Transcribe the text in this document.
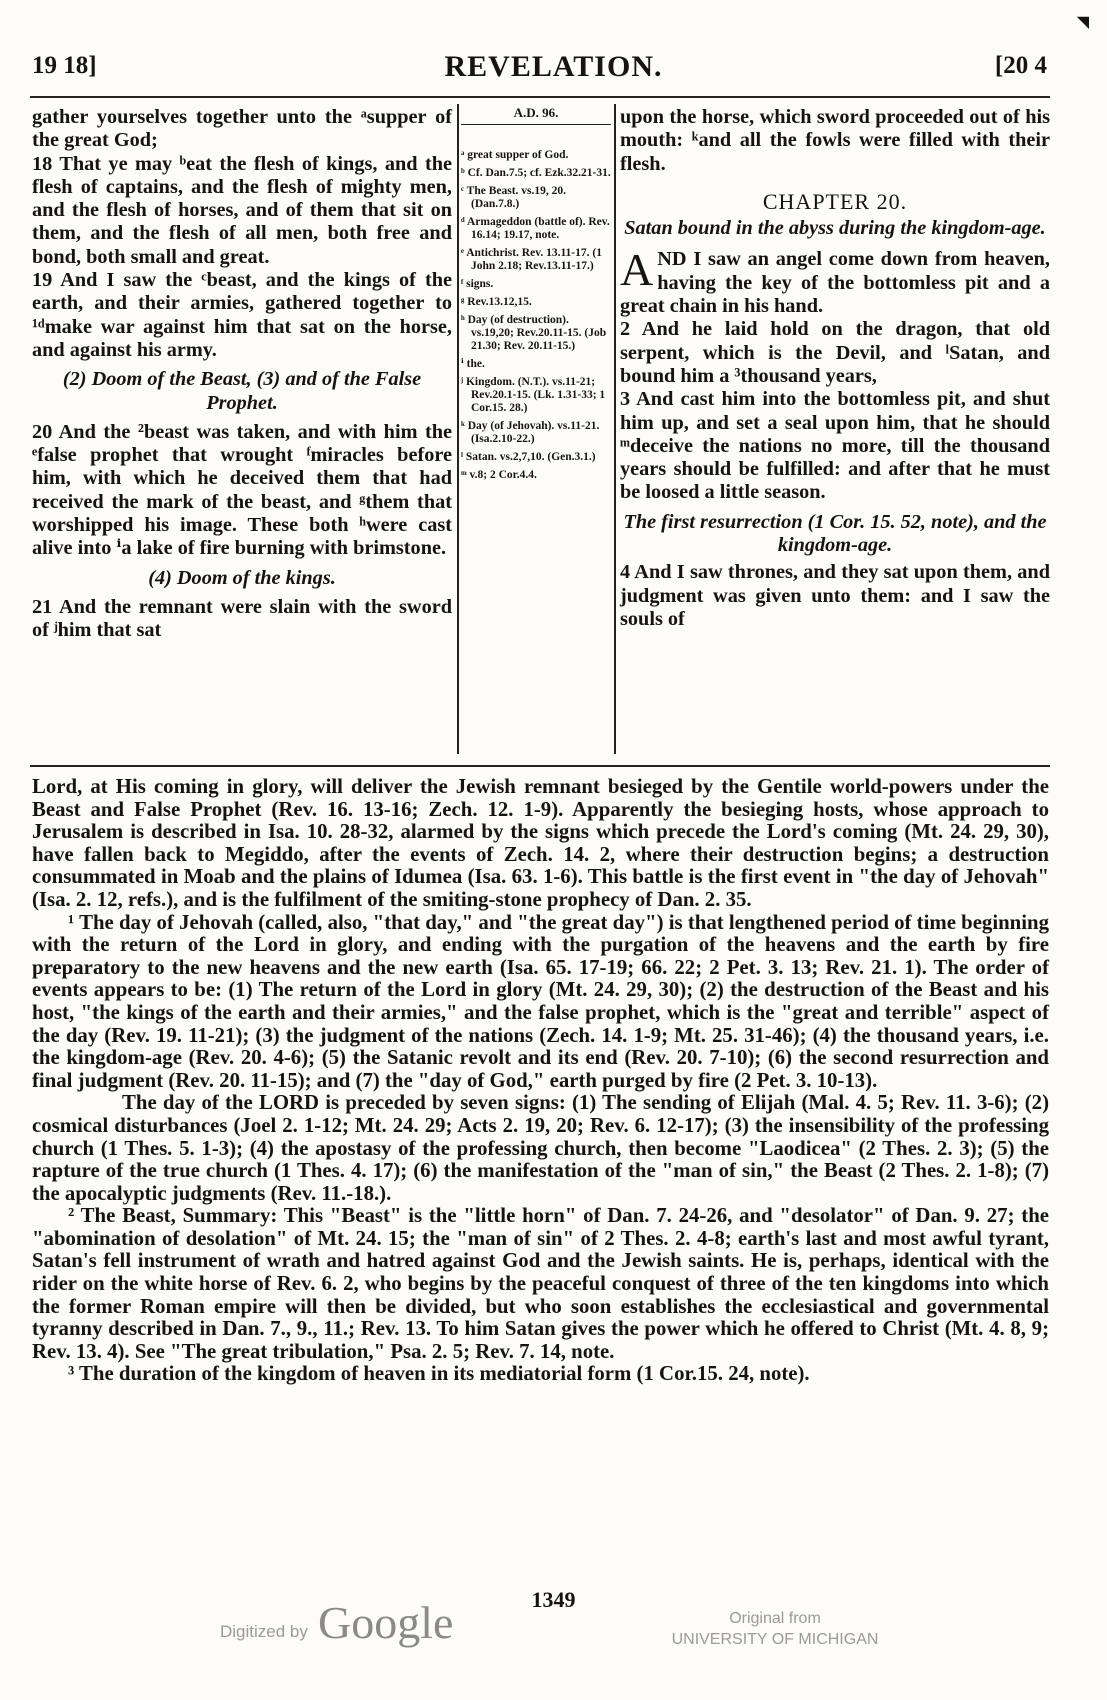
◥
19 18]	REVELATION.	[20 4

gather yourselves together unto the ᵃsupper of the great God;

18 That ye may ᵇeat the flesh of kings, and the flesh of captains, and the flesh of mighty men, and the flesh of horses, and of them that sit on them, and the flesh of all men, both free and bond, both small and great.

19 And I saw the ᶜbeast, and the kings of the earth, and their armies, gathered together to ¹ᵈmake war against him that sat on the horse, and against his army.

(2) Doom of the Beast, (3) and of the False Prophet.

20 And the ²beast was taken, and with him the ᵉfalse prophet that wrought ᶠmiracles before him, with which he deceived them that had received the mark of the beast, and ᵍthem that worshipped his image. These both ʰwere cast alive into ⁱa lake of fire burning with brimstone.

(4) Doom of the kings.

21 And the remnant were slain with the sword of ʲhim that sat

A.D. 96.

ᵃ great supper of God.

ᵇ Cf. Dan.7.5; cf. Ezk.32.21-31.

ᶜ The Beast. vs.19, 20. (Dan.7.8.)

ᵈ Armageddon (battle of). Rev. 16.14; 19.17, note.

ᵉ Antichrist. Rev. 13.11-17. (1 John 2.18; Rev.13.11-17.)

ᶠ signs.

ᵍ Rev.13.12,15.

ʰ Day (of destruction). vs.19,20; Rev.20.11-15. (Job 21.30; Rev. 20.11-15.)

ⁱ the.

ʲ Kingdom. (N.T.). vs.11-21; Rev.20.1-15. (Lk. 1.31-33; 1 Cor.15. 28.)

ᵏ Day (of Jehovah). vs.11-21. (Isa.2.10-22.)

ˡ Satan. vs.2,7,10. (Gen.3.1.)

ᵐ v.8; 2 Cor.4.4.

upon the horse, which sword proceeded out of his mouth: ᵏand all the fowls were filled with their flesh.

CHAPTER 20.

Satan bound in the abyss during the kingdom-age.

AND I saw an angel come down from heaven, having the key of the bottomless pit and a great chain in his hand.

2 And he laid hold on the dragon, that old serpent, which is the Devil, and ˡSatan, and bound him a ³thousand years,

3 And cast him into the bottomless pit, and shut him up, and set a seal upon him, that he should ᵐdeceive the nations no more, till the thousand years should be fulfilled: and after that he must be loosed a little season.

The first resurrection (1 Cor. 15. 52, note), and the kingdom-age.

4 And I saw thrones, and they sat upon them, and judgment was given unto them: and I saw the souls of

Lord, at His coming in glory, will deliver the Jewish remnant besieged by the Gentile world-powers under the Beast and False Prophet (Rev. 16. 13-16; Zech. 12. 1-9). Apparently the besieging hosts, whose approach to Jerusalem is described in Isa. 10. 28-32, alarmed by the signs which precede the Lord's coming (Mt. 24. 29, 30), have fallen back to Megiddo, after the events of Zech. 14. 2, where their destruction begins; a destruction consummated in Moab and the plains of Idumea (Isa. 63. 1-6). This battle is the first event in "the day of Jehovah" (Isa. 2. 12, refs.), and is the fulfilment of the smiting-stone prophecy of Dan. 2. 35.

¹ The day of Jehovah (called, also, "that day," and "the great day") is that lengthened period of time beginning with the return of the Lord in glory, and ending with the purgation of the heavens and the earth by fire preparatory to the new heavens and the new earth (Isa. 65. 17-19; 66. 22; 2 Pet. 3. 13; Rev. 21. 1). The order of events appears to be: (1) The return of the Lord in glory (Mt. 24. 29, 30); (2) the destruction of the Beast and his host, "the kings of the earth and their armies," and the false prophet, which is the "great and terrible" aspect of the day (Rev. 19. 11-21); (3) the judgment of the nations (Zech. 14. 1-9; Mt. 25. 31-46); (4) the thousand years, i.e. the kingdom-age (Rev. 20. 4-6); (5) the Satanic revolt and its end (Rev. 20. 7-10); (6) the second resurrection and final judgment (Rev. 20. 11-15); and (7) the "day of God," earth purged by fire (2 Pet. 3. 10-13).

The day of the LORD is preceded by seven signs: (1) The sending of Elijah (Mal. 4. 5; Rev. 11. 3-6); (2) cosmical disturbances (Joel 2. 1-12; Mt. 24. 29; Acts 2. 19, 20; Rev. 6. 12-17); (3) the insensibility of the professing church (1 Thes. 5. 1-3); (4) the apostasy of the professing church, then become "Laodicea" (2 Thes. 2. 3); (5) the rapture of the true church (1 Thes. 4. 17); (6) the manifestation of the "man of sin," the Beast (2 Thes. 2. 1-8); (7) the apocalyptic judgments (Rev. 11.-18.).

² The Beast, Summary: This "Beast" is the "little horn" of Dan. 7. 24-26, and "desolator" of Dan. 9. 27; the "abomination of desolation" of Mt. 24. 15; the "man of sin" of 2 Thes. 2. 4-8; earth's last and most awful tyrant, Satan's fell instrument of wrath and hatred against God and the Jewish saints. He is, perhaps, identical with the rider on the white horse of Rev. 6. 2, who begins by the peaceful conquest of three of the ten kingdoms into which the former Roman empire will then be divided, but who soon establishes the ecclesiastical and governmental tyranny described in Dan. 7., 9., 11.; Rev. 13. To him Satan gives the power which he offered to Christ (Mt. 4. 8, 9; Rev. 13. 4). See "The great tribulation," Psa. 2. 5; Rev. 7. 14, note.

³ The duration of the kingdom of heaven in its mediatorial form (1 Cor.15. 24, note).

1349
Digitized by Google	Original from
UNIVERSITY OF MICHIGAN
